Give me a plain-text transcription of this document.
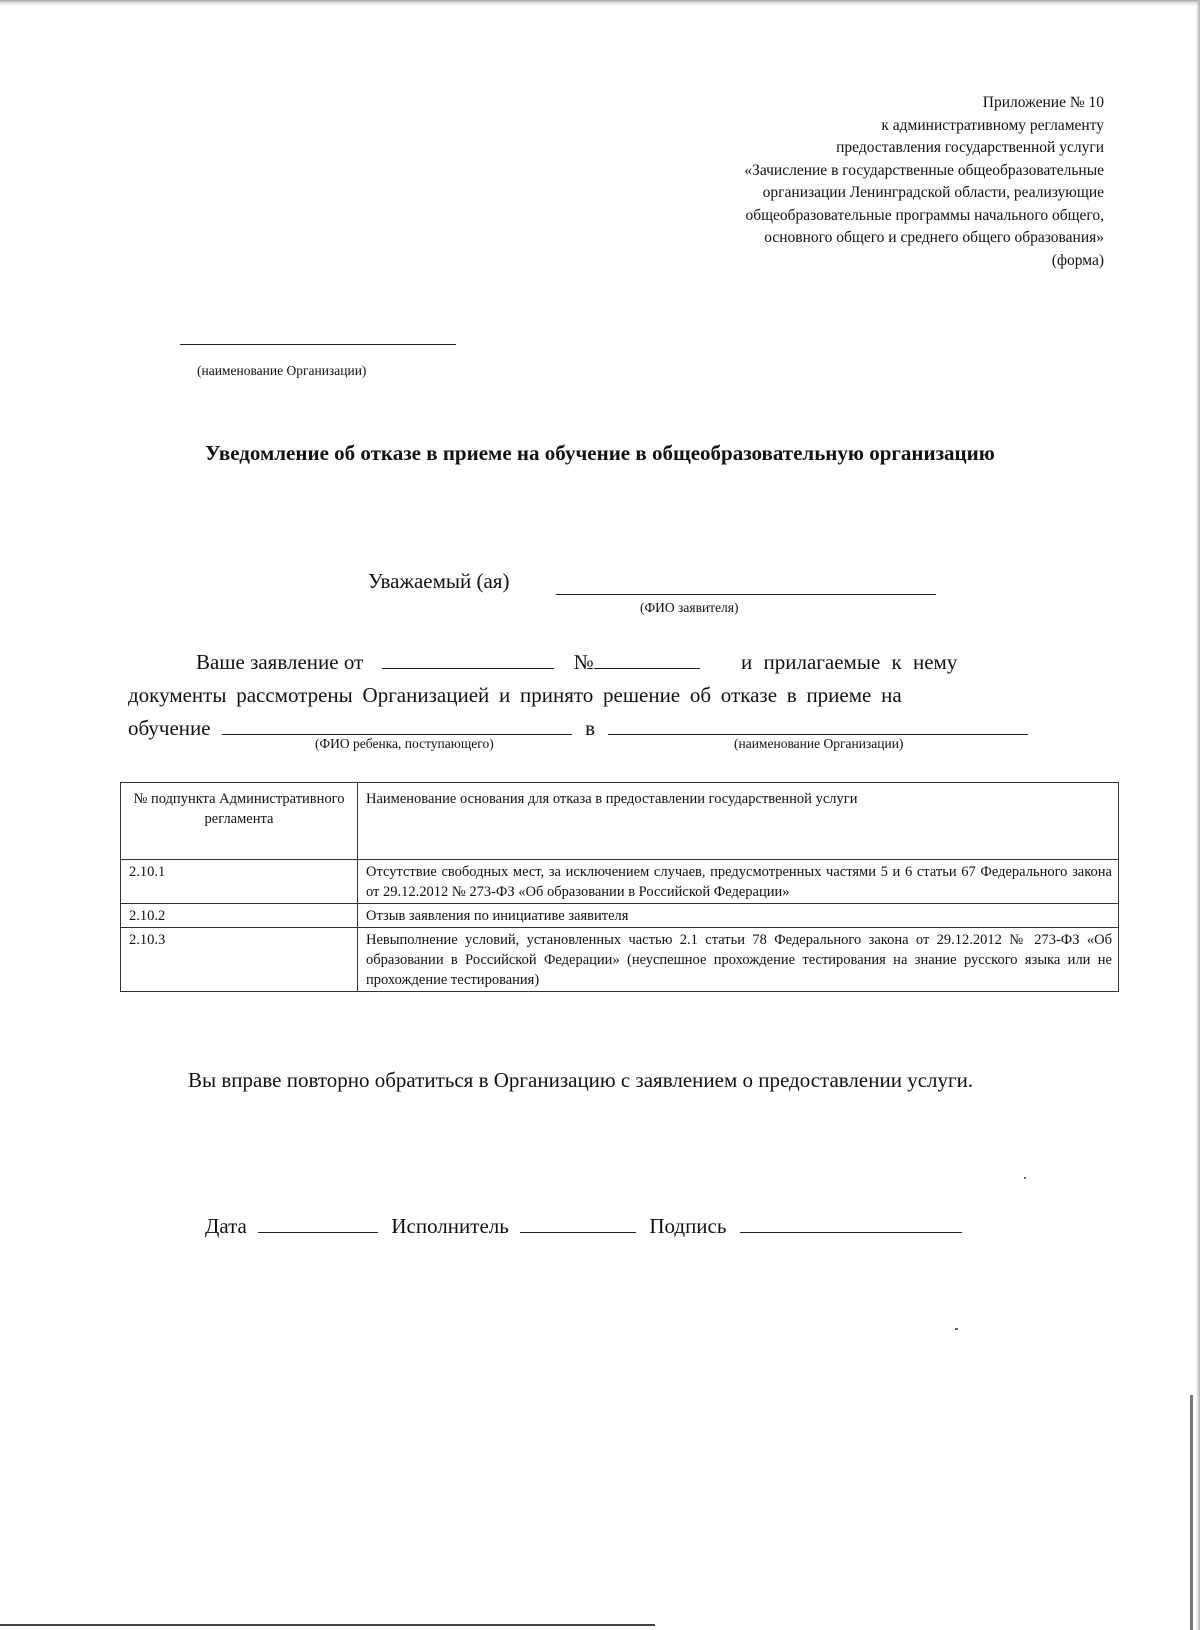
Приложение № 10
к административному регламенту
предоставления государственной услуги
«Зачисление в государственные общеобразовательные
организации Ленинградской области, реализующие
общеобразовательные программы начального общего,
основного общего и среднего общего образования»
(форма)
(наименование Организации)
Уведомление об отказе в приеме на обучение в общеобразовательную организацию
Уважаемый (ая)
(ФИО заявителя)
Ваше заявление от	№	и прилагаемые к нему
документы рассмотрены Организацией и принято решение об отказе в приеме на
обучение	в
(ФИО ребенка, поступающего)	(наименование Организации)
№ подпункта Административного регламента	Наименование основания для отказа в предоставлении государственной услуги
2.10.1	Отсутствие свободных мест, за исключением случаев, предусмотренных частями 5 и 6 статьи 67 Федерального закона от 29.12.2012 № 273-ФЗ «Об образовании в Российской Федерации»
2.10.2	Отзыв заявления по инициативе заявителя
2.10.3	Невыполнение условий, установленных частью 2.1 статьи 78 Федерального закона от 29.12.2012 № 273-ФЗ «Об образовании в Российской Федерации» (неуспешное прохождение тестирования на знание русского языка или не прохождение тестирования)
Вы вправе повторно обратиться в Организацию с заявлением о предоставлении услуги.
Дата	Исполнитель	Подпись
